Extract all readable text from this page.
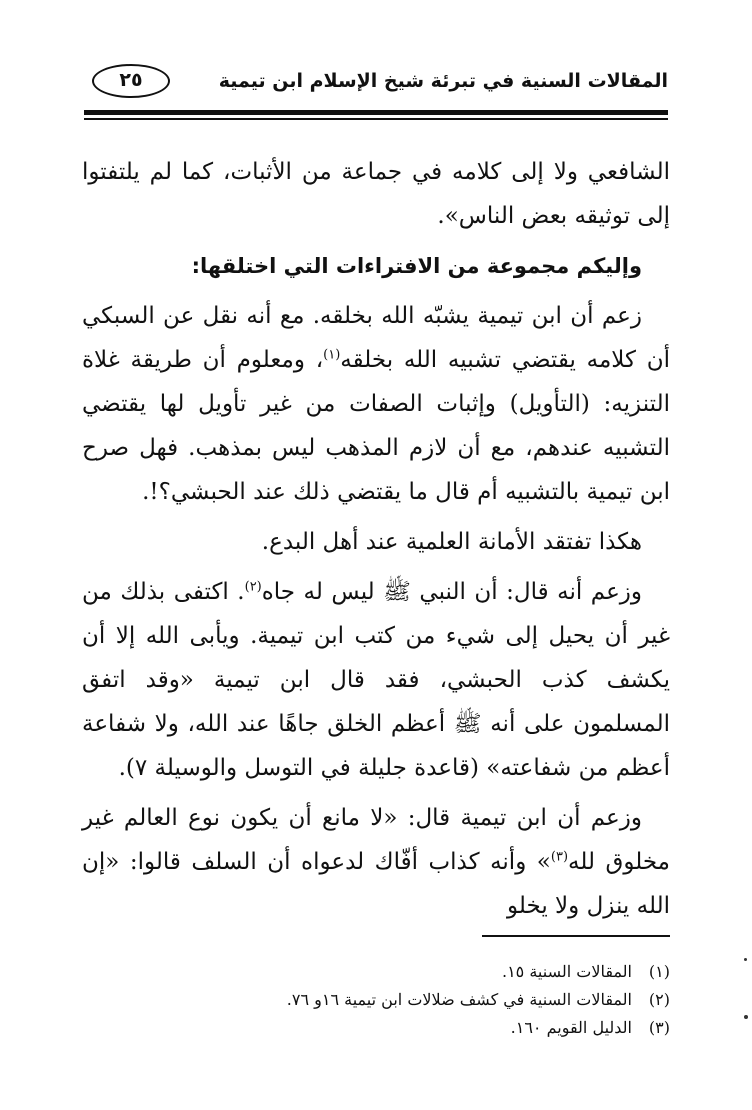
المقالات السنية في تبرئة شيخ الإسلام ابن تيمية
٢٥

الشافعي ولا إلى كلامه في جماعة من الأثبات، كما لم يلتفتوا إلى توثيقه بعض الناس».

وإليكم مجموعة من الافتراءات التي اختلقها:

زعم أن ابن تيمية يشبّه الله بخلقه. مع أنه نقل عن السبكي أن كلامه يقتضي تشبيه الله بخلقه$^{(١)}$، ومعلوم أن طريقة غلاة التنزيه: (التأويل) وإثبات الصفات من غير تأويل لها يقتضي التشبيه عندهم، مع أن لازم المذهب ليس بمذهب. فهل صرح ابن تيمية بالتشبيه أم قال ما يقتضي ذلك عند الحبشي؟!.

هكذا تفتقد الأمانة العلمية عند أهل البدع.

وزعم أنه قال: أن النبي ﷺ ليس له جاه$^{(٢)}$. اكتفى بذلك من غير أن يحيل إلى شيء من كتب ابن تيمية. ويأبى الله إلا أن يكشف كذب الحبشي، فقد قال ابن تيمية «وقد اتفق المسلمون على أنه ﷺ أعظم الخلق جاهًا عند الله، ولا شفاعة أعظم من شفاعته» (قاعدة جليلة في التوسل والوسيلة ٧).

وزعم أن ابن تيمية قال: «لا مانع أن يكون نوع العالم غير مخلوق لله$^{(٣)}$» وأنه كذاب أفّاك لدعواه أن السلف قالوا: «إن الله ينزل ولا يخلو

(١)المقالات السنية ١٥.
(٢)المقالات السنية في كشف ضلالات ابن تيمية ١٦و ٧٦.
(٣)الدليل القويم ١٦٠.
